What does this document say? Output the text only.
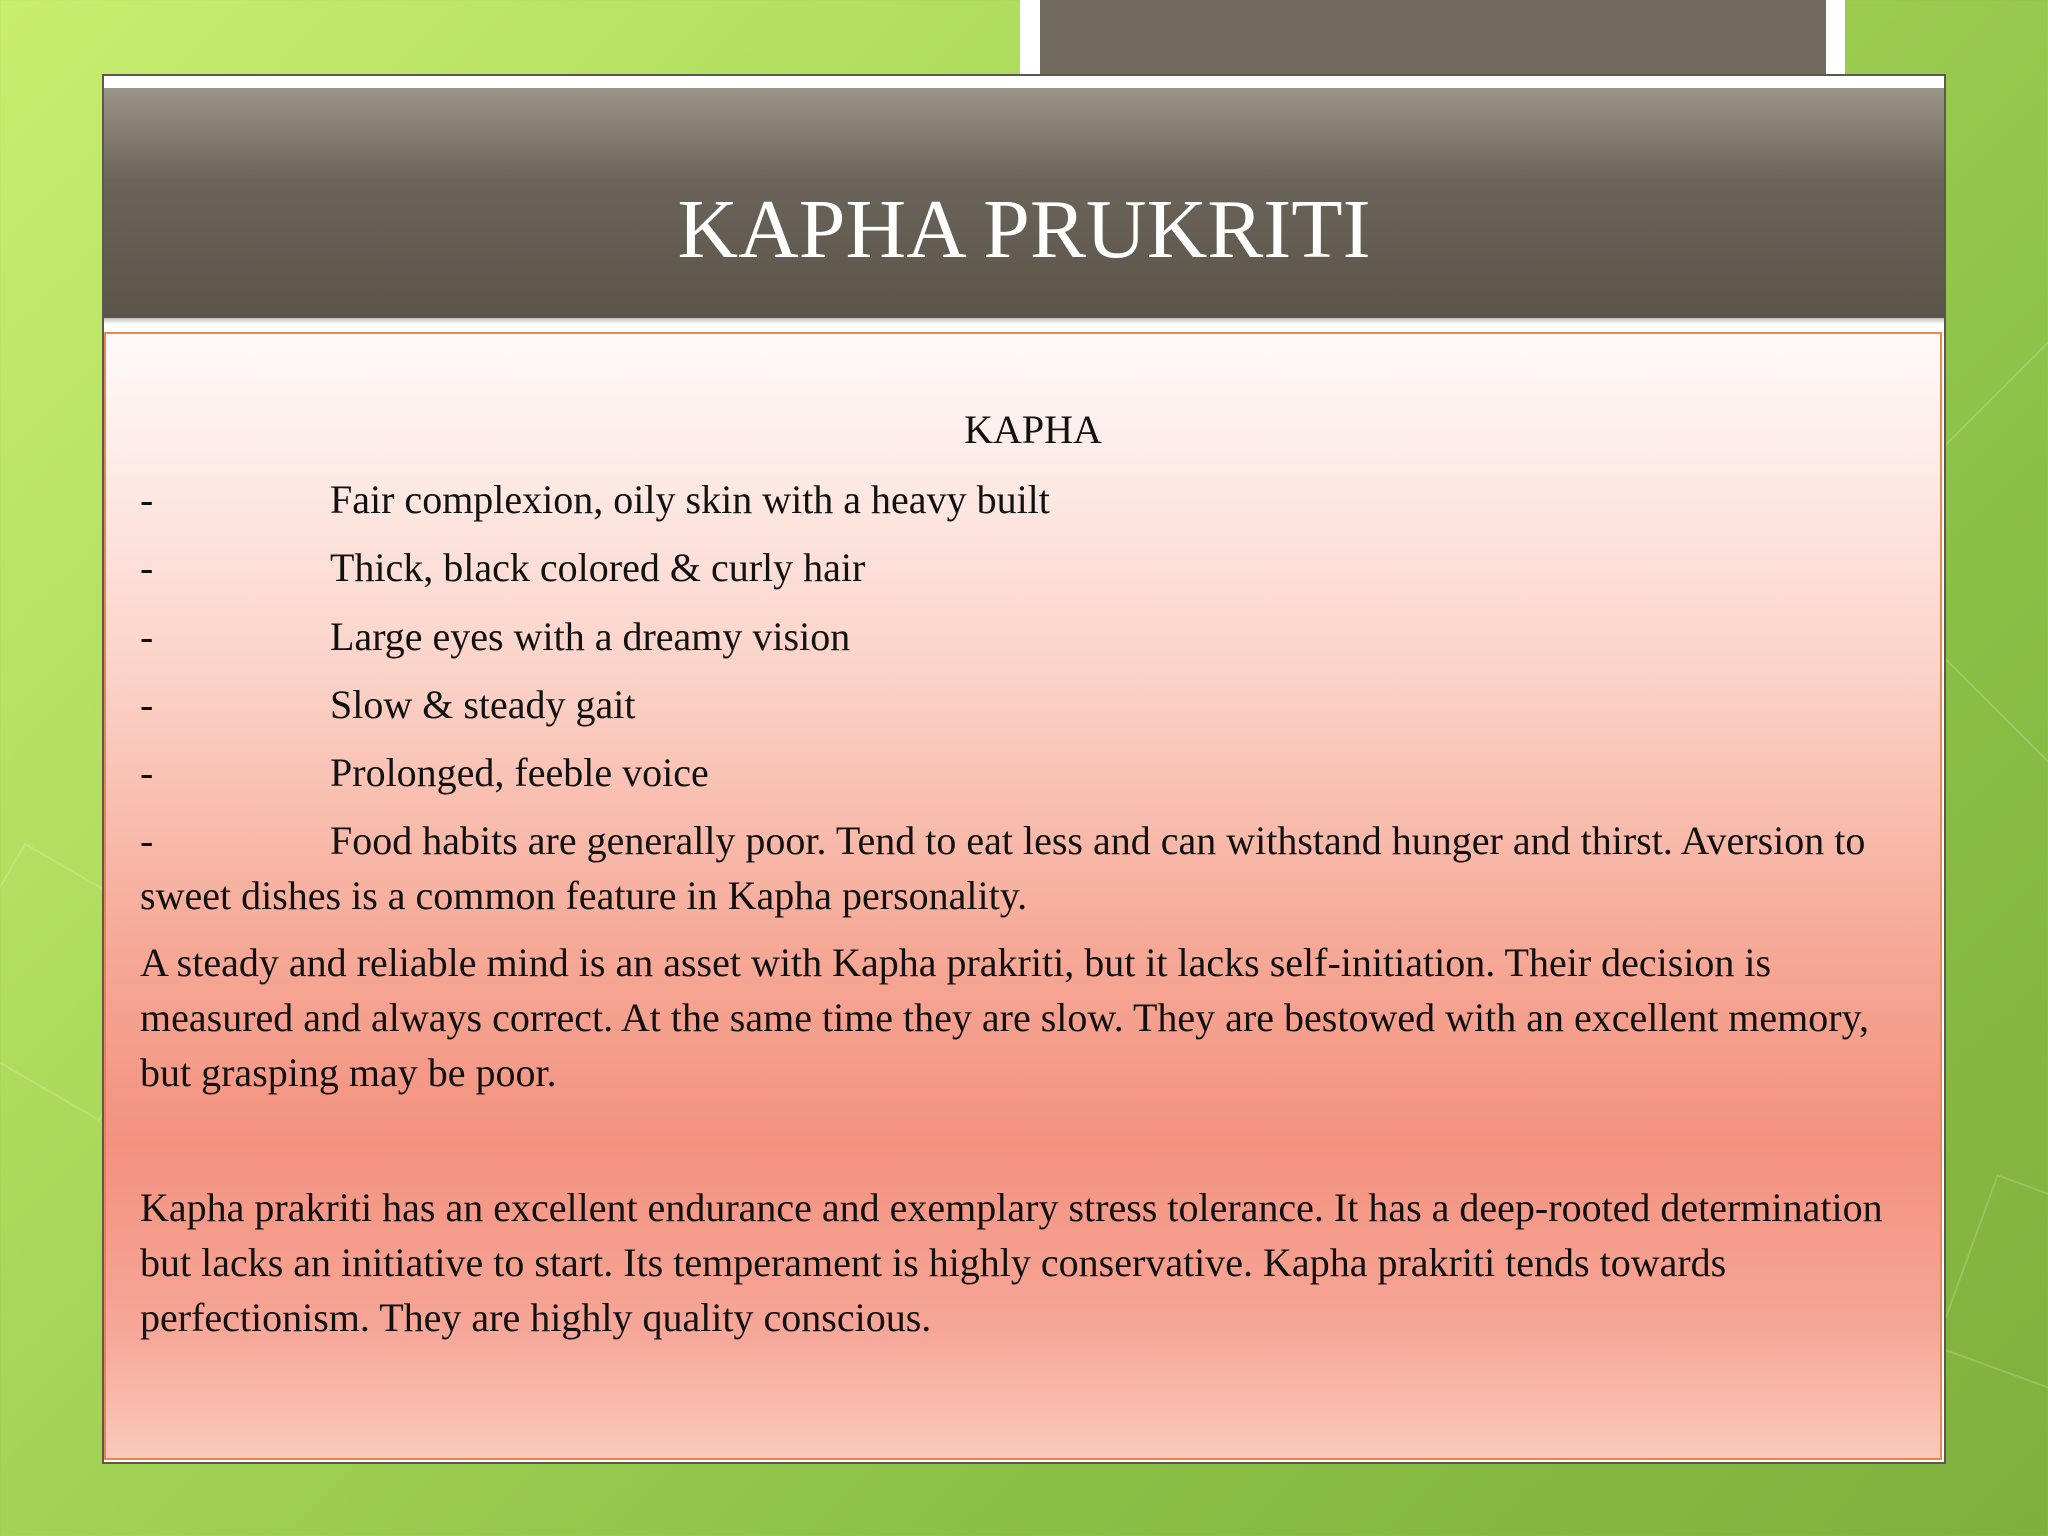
KAPHA PRUKRITI
KAPHA
-	Fair complexion, oily skin with a heavy built
-	Thick, black colored & curly hair
-	Large eyes with a dreamy vision
-	Slow & steady gait
-	Prolonged, feeble voice
-	Food habits are generally poor. Tend to eat less and can withstand hunger and thirst. Aversion to sweet dishes is a common feature in Kapha personality.
A steady and reliable mind is an asset with Kapha prakriti, but it lacks self-initiation. Their decision is measured and always correct. At the same time they are slow. They are bestowed with an excellent memory, but grasping may be poor.
Kapha prakriti has an excellent endurance and exemplary stress tolerance. It has a deep-rooted determination but lacks an initiative to start. Its temperament is highly conservative. Kapha prakriti tends towards perfectionism. They are highly quality conscious.
